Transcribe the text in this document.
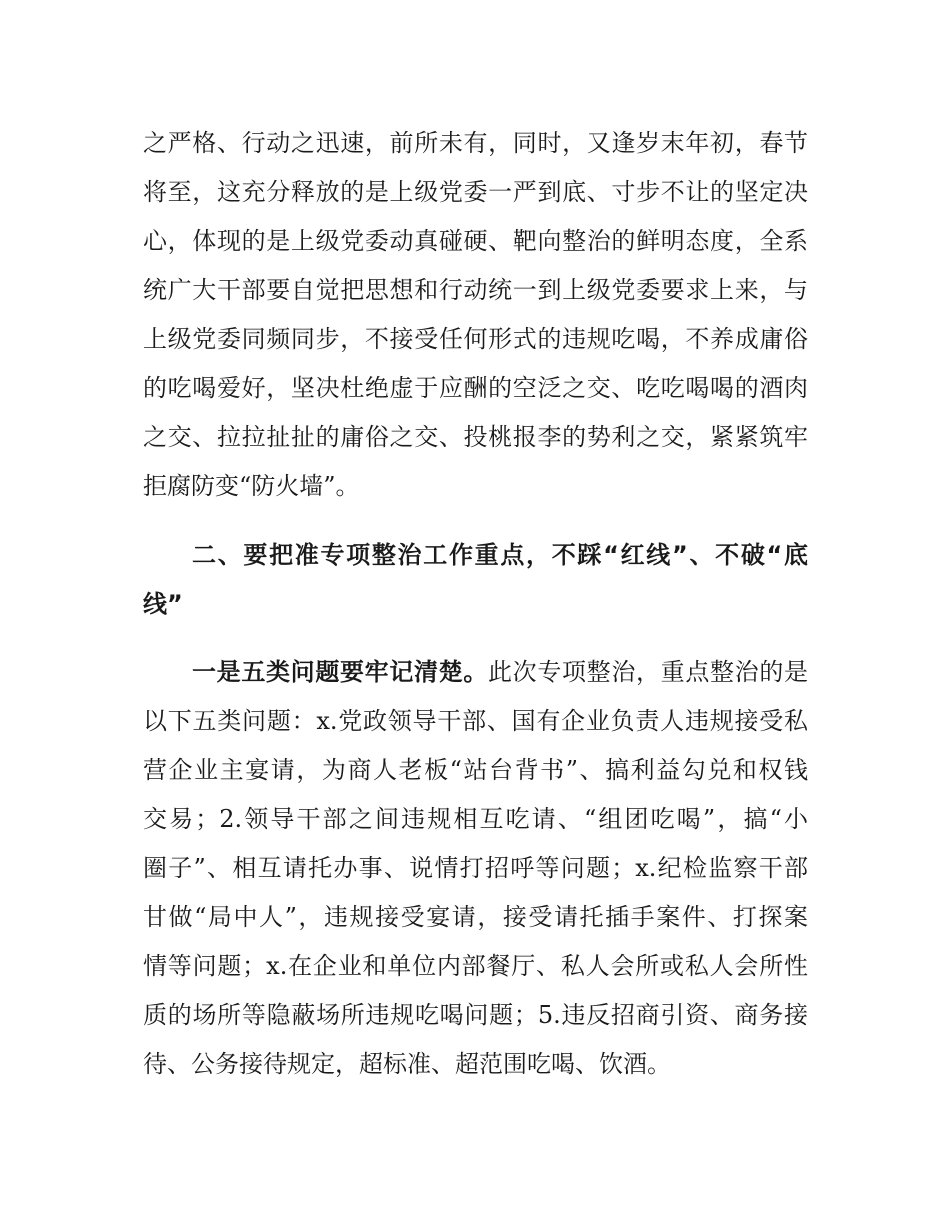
之严格、行动之迅速，前所未有，同时，又逢岁末年初，春节
将至，这充分释放的是上级党委一严到底、寸步不让的坚定决
心，体现的是上级党委动真碰硬、靶向整治的鲜明态度，全系
统广大干部要自觉把思想和行动统一到上级党委要求上来，与
上级党委同频同步，不接受任何形式的违规吃喝，不养成庸俗
的吃喝爱好，坚决杜绝虚于应酬的空泛之交、吃吃喝喝的酒肉
之交、拉拉扯扯的庸俗之交、投桃报李的势利之交，紧紧筑牢
拒腐防变“防火墙”。
二、要把准专项整治工作重点，不踩“红线”、不破“底
线”
一是五类问题要牢记清楚。此次专项整治，重点整治的是
以下五类问题：x.党政领导干部、国有企业负责人违规接受私
营企业主宴请，为商人老板“站台背书”、搞利益勾兑和权钱
交易；2.领导干部之间违规相互吃请、“组团吃喝”，搞“小
圈子”、相互请托办事、说情打招呼等问题；x.纪检监察干部
甘做“局中人”，违规接受宴请，接受请托插手案件、打探案
情等问题；x.在企业和单位内部餐厅、私人会所或私人会所性
质的场所等隐蔽场所违规吃喝问题；5.违反招商引资、商务接
待、公务接待规定，超标准、超范围吃喝、饮酒。
